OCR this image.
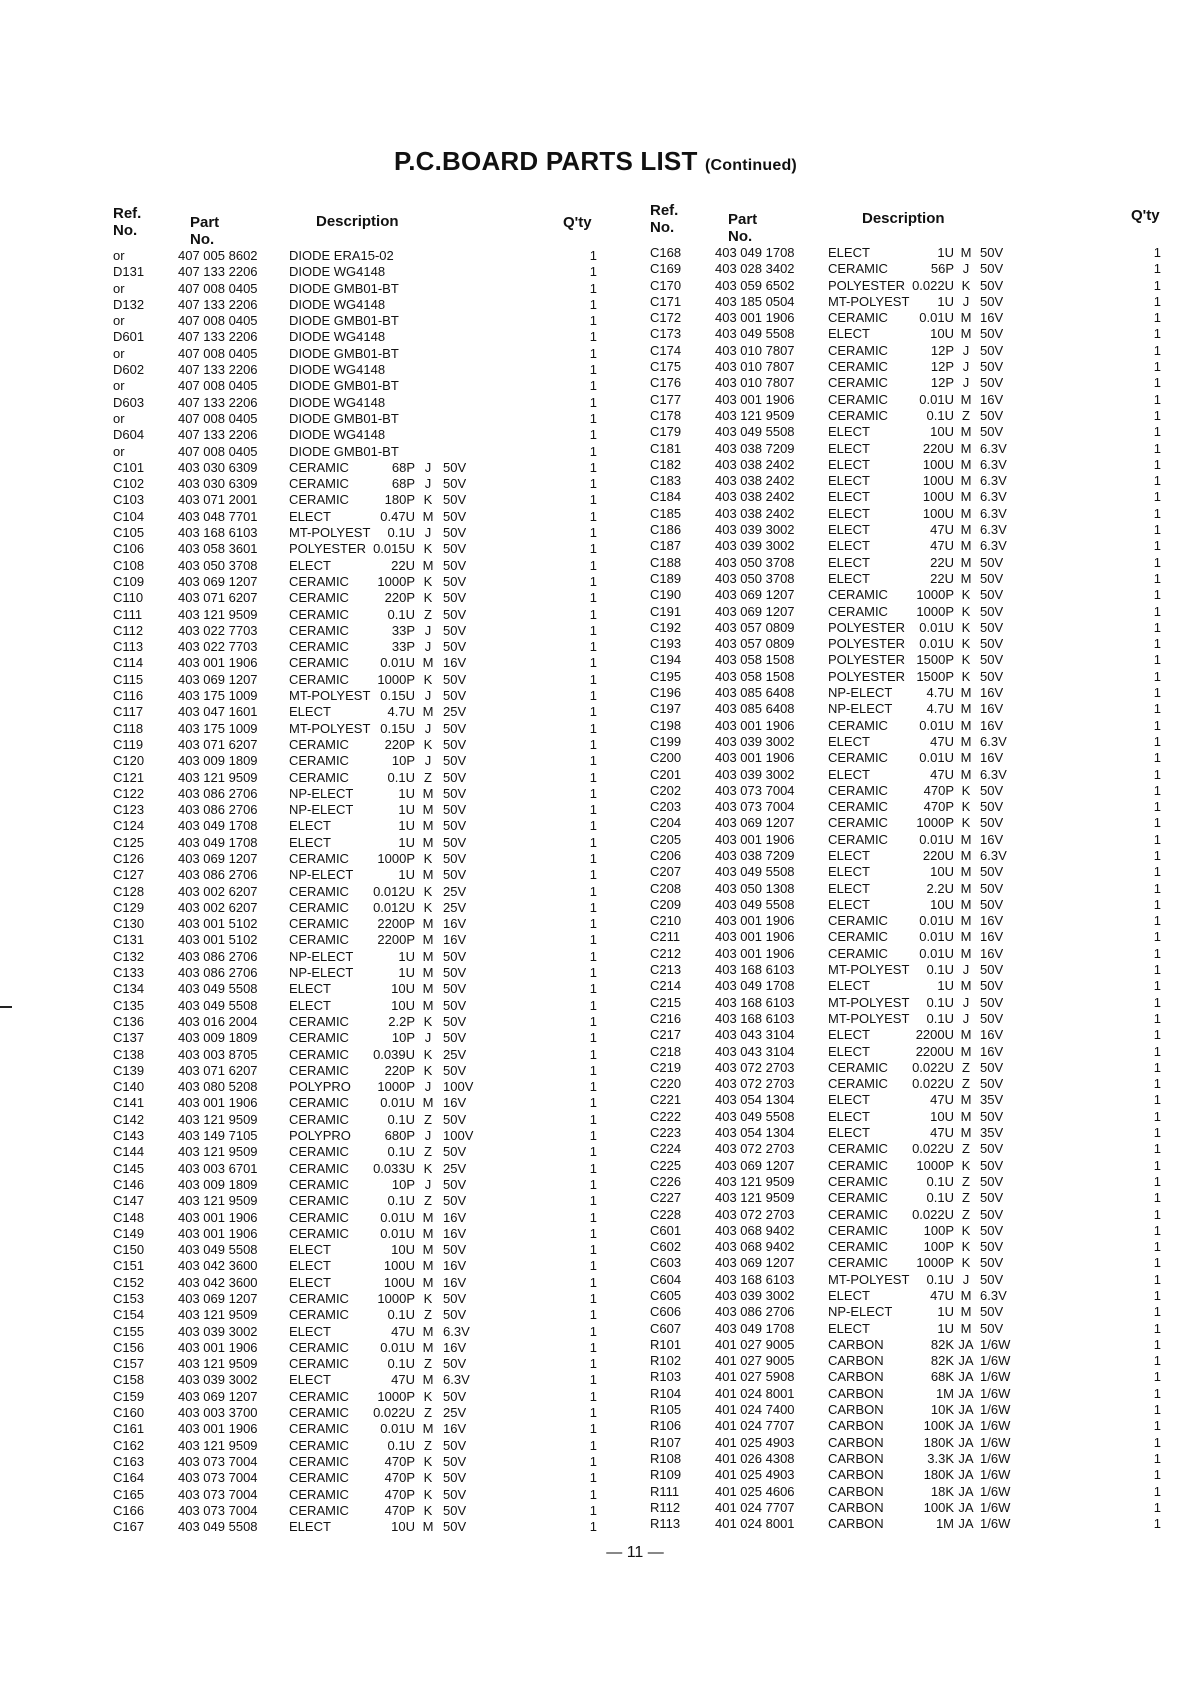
P.C.BOARD PARTS LIST (Continued)
Ref.
No.	Part No.
Description	Q'ty
or	407 005 8602 DIODE ERA15-02	1
D131	407 133 2206 DIODE WG4148	1
or	407 008 0405 DIODE GMB01-BT	1
D132	407 133 2206 DIODE WG4148	1
or	407 008 0405 DIODE GMB01-BT	1
D601	407 133 2206 DIODE WG4148	1
or	407 008 0405 DIODE GMB01-BT	1
D602	407 133 2206 DIODE WG4148	1
or	407 008 0405 DIODE GMB01-BT	1
D603	407 133 2206 DIODE WG4148	1
or	407 008 0405 DIODE GMB01-BT	1
D604	407 133 2206 DIODE WG4148	1
or	407 008 0405 DIODE GMB01-BT	1
C101	403 030 6309 CERAMIC	68P J 50V	1
C102	403 030 6309 CERAMIC	68P J 50V	1
C103	403 071 2001 CERAMIC	180P K 50V	1
C104	403 048 7701 ELECT	0.47U M 50V	1
C105	403 168 6103 MT-POLYEST	0.1U J 50V	1
C106	403 058 3601 POLYESTER 0.015U K 50V	1
C108	403 050 3708 ELECT	22U M 50V	1
C109	403 069 1207 CERAMIC	1000P K 50V	1
C110	403 071 6207 CERAMIC	220P K 50V	1
C111	403 121 9509 CERAMIC	0.1U Z 50V	1
C112	403 022 7703 CERAMIC	33P J 50V	1
C113	403 022 7703 CERAMIC	33P J 50V	1
C114	403 001 1906 CERAMIC	0.01U M 16V	1
C115	403 069 1207 CERAMIC	1000P K 50V	1
C116	403 175 1009 MT-POLYEST 0.15U J 50V	1
C117	403 047 1601 ELECT	4.7U M 25V	1
C118	403 175 1009 MT-POLYEST 0.15U J 50V	1
C119	403 071 6207 CERAMIC	220P K 50V	1
C120	403 009 1809 CERAMIC	10P J 50V	1
C121	403 121 9509 CERAMIC	0.1U Z 50V	1
C122	403 086 2706 NP-ELECT	1U M 50V	1
C123	403 086 2706 NP-ELECT	1U M 50V	1
C124	403 049 1708 ELECT	1U M 50V	1
C125	403 049 1708 ELECT	1U M 50V	1
C126	403 069 1207 CERAMIC	1000P K 50V	1
C127	403 086 2706 NP-ELECT	1U M 50V	1
C128	403 002 6207 CERAMIC	0.012U K 25V	1
C129	403 002 6207 CERAMIC	0.012U K 25V	1
C130	403 001 5102 CERAMIC	2200P M 16V	1
C131	403 001 5102 CERAMIC	2200P M 16V	1
C132	403 086 2706 NP-ELECT	1U M 50V	1
C133	403 086 2706 NP-ELECT	1U M 50V	1
C134	403 049 5508 ELECT	10U M 50V	1
C135	403 049 5508 ELECT	10U M 50V	1
C136	403 016 2004 CERAMIC	2.2P K 50V	1
C137	403 009 1809 CERAMIC	10P J 50V	1
C138	403 003 8705 CERAMIC	0.039U K 25V	1
C139	403 071 6207 CERAMIC	220P K 50V	1
C140	403 080 5208 POLYPRO	1000P J 100V	1
C141	403 001 1906 CERAMIC	0.01U M 16V	1
C142	403 121 9509 CERAMIC	0.1U Z 50V	1
C143	403 149 7105 POLYPRO	680P J 100V	1
C144	403 121 9509 CERAMIC	0.1U Z 50V	1
C145	403 003 6701 CERAMIC	0.033U K 25V	1
C146	403 009 1809 CERAMIC	10P J 50V	1
C147	403 121 9509 CERAMIC	0.1U Z 50V	1
C148	403 001 1906 CERAMIC	0.01U M 16V	1
C149	403 001 1906 CERAMIC	0.01U M 16V	1
C150	403 049 5508 ELECT	10U M 50V	1
C151	403 042 3600 ELECT	100U M 16V	1
C152	403 042 3600 ELECT	100U M 16V	1
C153	403 069 1207 CERAMIC	1000P K 50V	1
C154	403 121 9509 CERAMIC	0.1U Z 50V	1
C155	403 039 3002 ELECT	47U M 6.3V	1
C156	403 001 1906 CERAMIC	0.01U M 16V	1
C157	403 121 9509 CERAMIC	0.1U Z 50V	1
C158	403 039 3002 ELECT	47U M 6.3V	1
C159	403 069 1207 CERAMIC	1000P K 50V	1
C160	403 003 3700 CERAMIC	0.022U Z 25V	1
C161	403 001 1906 CERAMIC	0.01U M 16V	1
C162	403 121 9509 CERAMIC	0.1U Z 50V	1
C163	403 073 7004 CERAMIC	470P K 50V	1
C164	403 073 7004 CERAMIC	470P K 50V	1
C165	403 073 7004 CERAMIC	470P K 50V	1
C166	403 073 7004 CERAMIC	470P K 50V	1
C167	403 049 5508 ELECT	10U M 50V	1
Ref.
No.	Part No.
Description	Q'ty
C168	403 049 1708	ELECT	1U M 50V	1
C169	403 028 3402	CERAMIC	56P J 50V	1
C170	403 059 6502	POLYESTER 0.022U K 50V	1
C171	403 185 0504	MT-POLYEST	1U J 50V	1
C172	403 001 1906	CERAMIC	0.01U M 16V	1
C173	403 049 5508	ELECT	10U M 50V	1
C174	403 010 7807	CERAMIC	12P J 50V	1
C175	403 010 7807	CERAMIC	12P J 50V	1
C176	403 010 7807	CERAMIC	12P J 50V	1
C177	403 001 1906	CERAMIC	0.01U M 16V	1
C178	403 121 9509	CERAMIC	0.1U Z 50V	1
C179	403 049 5508	ELECT	10U M 50V	1
C181	403 038 7209	ELECT	220U M 6.3V	1
C182	403 038 2402	ELECT	100U M 6.3V	1
C183	403 038 2402	ELECT	100U M 6.3V	1
C184	403 038 2402	ELECT	100U M 6.3V	1
C185	403 038 2402	ELECT	100U M 6.3V	1
C186	403 039 3002	ELECT	47U M 6.3V	1
C187	403 039 3002	ELECT	47U M 6.3V	1
C188	403 050 3708	ELECT	22U M 50V	1
C189	403 050 3708	ELECT	22U M 50V	1
C190	403 069 1207	CERAMIC	1000P K 50V	1
C191	403 069 1207	CERAMIC	1000P K 50V	1
C192	403 057 0809	POLYESTER	0.01U K 50V	1
C193	403 057 0809	POLYESTER	0.01U K 50V	1
C194	403 058 1508	POLYESTER 1500P K 50V	1
C195	403 058 1508	POLYESTER 1500P K 50V	1
C196	403 085 6408	NP-ELECT	4.7U M 16V	1
C197	403 085 6408	NP-ELECT	4.7U M 16V	1
C198	403 001 1906	CERAMIC	0.01U M 16V	1
C199	403 039 3002	ELECT	47U M 6.3V	1
C200	403 001 1906	CERAMIC	0.01U M 16V	1
C201	403 039 3002	ELECT	47U M 6.3V	1
C202	403 073 7004	CERAMIC	470P K 50V	1
C203	403 073 7004	CERAMIC	470P K 50V	1
C204	403 069 1207	CERAMIC	1000P K 50V	1
C205	403 001 1906	CERAMIC	0.01U M 16V	1
C206	403 038 7209	ELECT	220U M 6.3V	1
C207	403 049 5508	ELECT	10U M 50V	1
C208	403 050 1308	ELECT	2.2U M 50V	1
C209	403 049 5508	ELECT	10U M 50V	1
C210	403 001 1906	CERAMIC	0.01U M 16V	1
C211	403 001 1906	CERAMIC	0.01U M 16V	1
C212	403 001 1906	CERAMIC	0.01U M 16V	1
C213	403 168 6103	MT-POLYEST	0.1U J 50V	1
C214	403 049 1708	ELECT	1U M 50V	1
C215	403 168 6103	MT-POLYEST	0.1U J 50V	1
C216	403 168 6103	MT-POLYEST	0.1U J 50V	1
C217	403 043 3104	ELECT	2200U M 16V	1
C218	403 043 3104	ELECT	2200U M 16V	1
C219	403 072 2703	CERAMIC	0.022U Z 50V	1
C220	403 072 2703	CERAMIC	0.022U Z 50V	1
C221	403 054 1304	ELECT	47U M 35V	1
C222	403 049 5508	ELECT	10U M 50V	1
C223	403 054 1304	ELECT	47U M 35V	1
C224	403 072 2703	CERAMIC	0.022U Z 50V	1
C225	403 069 1207	CERAMIC	1000P K 50V	1
C226	403 121 9509	CERAMIC	0.1U Z 50V	1
C227	403 121 9509	CERAMIC	0.1U Z 50V	1
C228	403 072 2703	CERAMIC	0.022U Z 50V	1
C601	403 068 9402	CERAMIC	100P K 50V	1
C602	403 068 9402	CERAMIC	100P K 50V	1
C603	403 069 1207	CERAMIC	1000P K 50V	1
C604	403 168 6103	MT-POLYEST	0.1U J 50V	1
C605	403 039 3002	ELECT	47U M 6.3V	1
C606	403 086 2706	NP-ELECT	1U M 50V	1
C607	403 049 1708	ELECT	1U M 50V	1
R101	401 027 9005	CARBON	82K JA 1/6W	1
R102	401 027 9005	CARBON	82K JA 1/6W	1
R103	401 027 5908	CARBON	68K JA 1/6W	1
R104	401 024 8001	CARBON	1M JA 1/6W	1
R105	401 024 7400	CARBON	10K JA 1/6W	1
R106	401 024 7707	CARBON	100K JA 1/6W	1
R107	401 025 4903	CARBON	180K JA 1/6W	1
R108	401 026 4308	CARBON	3.3K JA 1/6W	1
R109	401 025 4903	CARBON	180K JA 1/6W	1
R111	401 025 4606	CARBON	18K JA 1/6W	1
R112	401 024 7707	CARBON	100K JA 1/6W	1
R113	401 024 8001	CARBON	1M JA 1/6W	1
— 11 —
